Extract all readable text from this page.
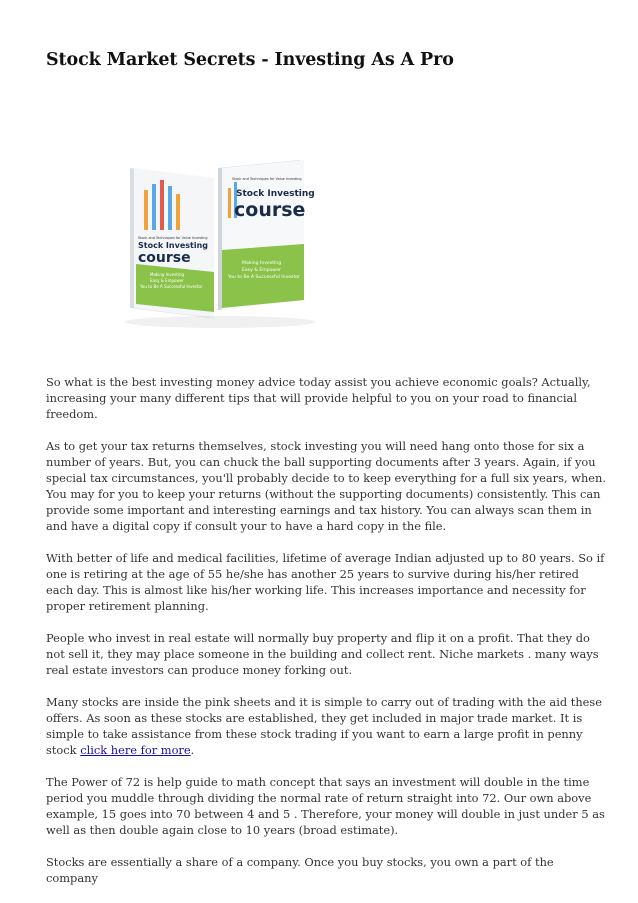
Stock Market Secrets - Investing As A Pro
Stock and Techniques for Value Investing
Stock Investing
course
Making Investing
Easy & Empower
You to Be A Successful Investor
Stock and Techniques for Value Investing
Stock Investing
course
Making Investing
Easy & Empower
You to Be A Successful Investor

So what is the best investing money advice today assist you achieve economic goals? Actually, increasing your many different tips that will provide helpful to you on your road to financial freedom.

As to get your tax returns themselves, stock investing you will need hang onto those for six a number of years. But, you can chuck the ball supporting documents after 3 years. Again, if you special tax circumstances, you'll probably decide to to keep everything for a full six years, when. You may for you to keep your returns (without the supporting documents) consistently. This can provide some important and interesting earnings and tax history. You can always scan them in and have a digital copy if consult your to have a hard copy in the file.

With better of life and medical facilities, lifetime of average Indian adjusted up to 80 years. So if one is retiring at the age of 55 he/she has another 25 years to survive during his/her retired each day. This is almost like his/her working life. This increases importance and necessity for proper retirement planning.

People who invest in real estate will normally buy property and flip it on a profit. That they do not sell it, they may place someone in the building and collect rent. Niche markets . many ways real estate investors can produce money forking out.

Many stocks are inside the pink sheets and it is simple to carry out of trading with the aid these offers. As soon as these stocks are established, they get included in major trade market. It is simple to take assistance from these stock trading if you want to earn a large profit in penny stock click here for more.

The Power of 72 is help guide to math concept that says an investment will double in the time period you muddle through dividing the normal rate of return straight into 72. Our own above example, 15 goes into 70 between 4 and 5 . Therefore, your money will double in just under 5 as well as then double again close to 10 years (broad estimate).

Stocks are essentially a share of a company. Once you buy stocks, you own a part of the company
